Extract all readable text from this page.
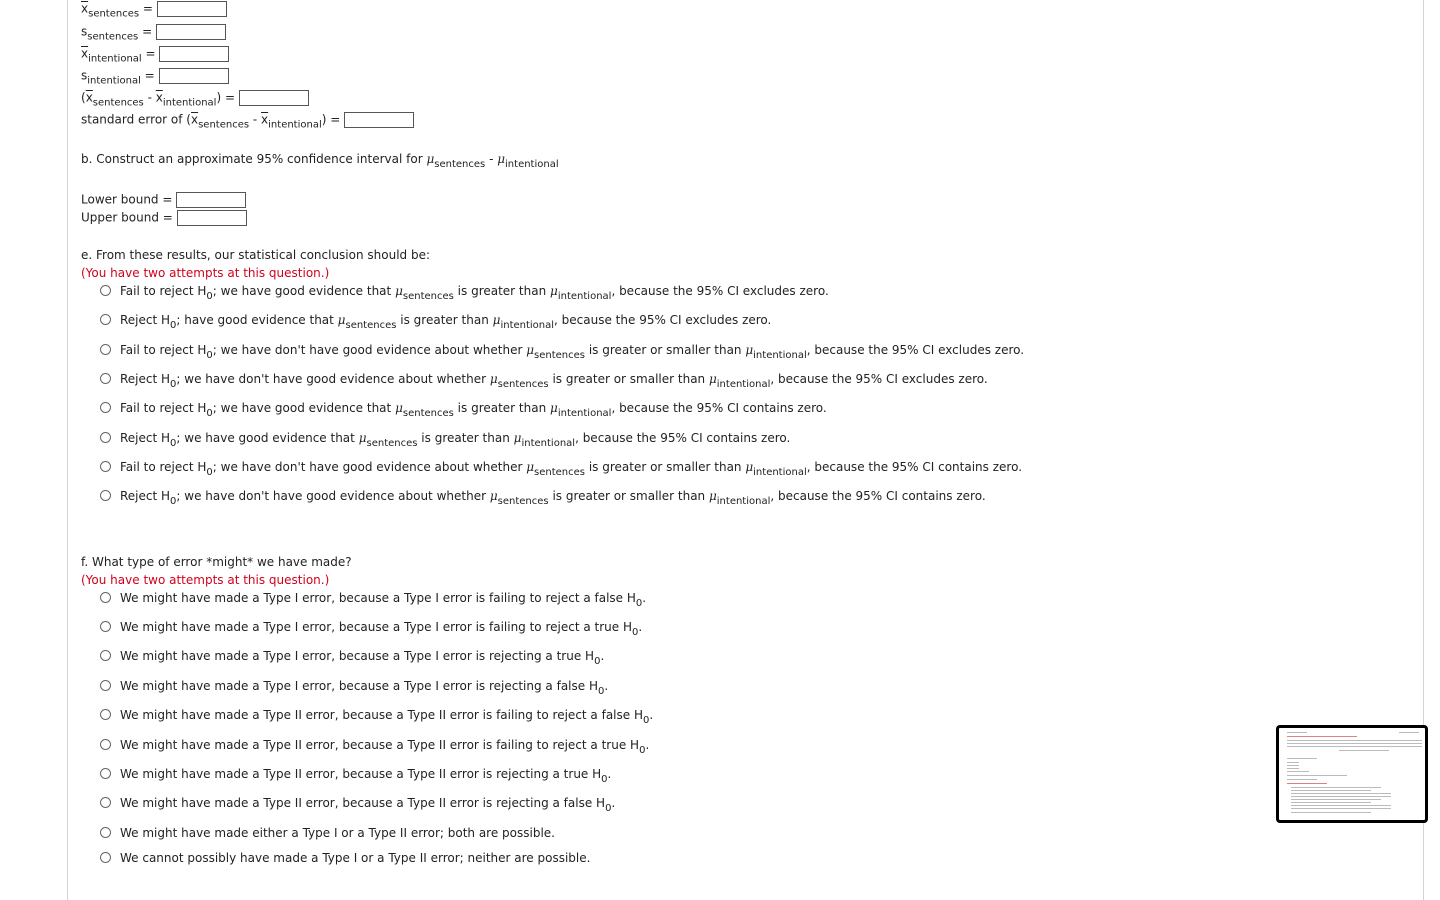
$\overline{x}_{sentences}$ =
$s_{sentences}$ =
$\overline{x}_{intentional}$ =
$s_{intentional}$ =
$(\overline{x}_{sentences} - \overline{x}_{intentional})$ =
standard error of $(\overline{x}_{sentences} - \overline{x}_{intentional})$ =
b. Construct an approximate 95% confidence interval for $\mu_{sentences} - \mu_{intentional}$
Lower bound =
Upper bound =
e. From these results, our statistical conclusion should be:
(You have two attempts at this question.)
Fail to reject $H_0$; we have good evidence that $\mu_{sentences}$ is greater than $\mu_{intentional}$, because the 95% CI excludes zero.
Reject $H_0$; have good evidence that $\mu_{sentences}$ is greater than $\mu_{intentional}$, because the 95% CI excludes zero.
Fail to reject $H_0$; we have don't have good evidence about whether $\mu_{sentences}$ is greater or smaller than $\mu_{intentional}$, because the 95% CI excludes zero.
Reject $H_0$; we have don't have good evidence about whether $\mu_{sentences}$ is greater or smaller than $\mu_{intentional}$, because the 95% CI excludes zero.
Fail to reject $H_0$; we have good evidence that $\mu_{sentences}$ is greater than $\mu_{intentional}$, because the 95% CI contains zero.
Reject $H_0$; we have good evidence that $\mu_{sentences}$ is greater than $\mu_{intentional}$, because the 95% CI contains zero.
Fail to reject $H_0$; we have don't have good evidence about whether $\mu_{sentences}$ is greater or smaller than $\mu_{intentional}$, because the 95% CI contains zero.
Reject $H_0$; we have don't have good evidence about whether $\mu_{sentences}$ is greater or smaller than $\mu_{intentional}$, because the 95% CI contains zero.
f. What type of error *might* we have made?
(You have two attempts at this question.)
We might have made a Type I error, because a Type I error is failing to reject a false $H_0$.
We might have made a Type I error, because a Type I error is failing to reject a true $H_0$.
We might have made a Type I error, because a Type I error is rejecting a true $H_0$.
We might have made a Type I error, because a Type I error is rejecting a false $H_0$.
We might have made a Type II error, because a Type II error is failing to reject a false $H_0$.
We might have made a Type II error, because a Type II error is failing to reject a true $H_0$.
We might have made a Type II error, because a Type II error is rejecting a true $H_0$.
We might have made a Type II error, because a Type II error is rejecting a false $H_0$.
We might have made either a Type I or a Type II error; both are possible.
We cannot possibly have made a Type I or a Type II error; neither are possible.
